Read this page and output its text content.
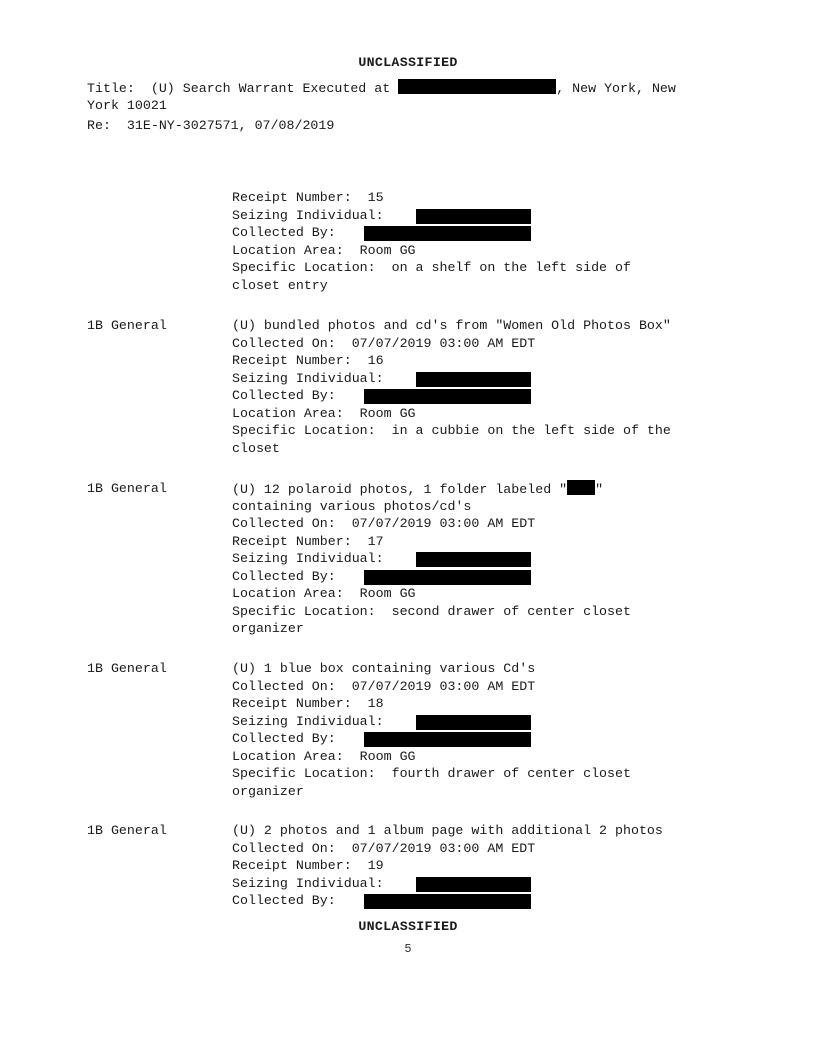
UNCLASSIFIED
Title:  (U) Search Warrant Executed at	, New York, New
York 10021
Re:  31E-NY-3027571, 07/08/2019
Receipt Number:  15
Seizing Individual:
Collected By:
Location Area:  Room GG
Specific Location:  on a shelf on the left side of
closet entry
1B General	(U) bundled photos and cd's from "Women Old Photos Box"
Collected On:  07/07/2019 03:00 AM EDT
Receipt Number:  16
Seizing Individual:
Collected By:
Location Area:  Room GG
Specific Location:  in a cubbie on the left side of the
closet
1B General	(U) 12 polaroid photos, 1 folder labeled " "
containing various photos/cd's
Collected On:  07/07/2019 03:00 AM EDT
Receipt Number:  17
Seizing Individual:
Collected By:
Location Area:  Room GG
Specific Location:  second drawer of center closet
organizer
1B General	(U) 1 blue box containing various Cd's
Collected On:  07/07/2019 03:00 AM EDT
Receipt Number:  18
Seizing Individual:
Collected By:
Location Area:  Room GG
Specific Location:  fourth drawer of center closet
organizer
1B General	(U) 2 photos and 1 album page with additional 2 photos
Collected On:  07/07/2019 03:00 AM EDT
Receipt Number:  19
Seizing Individual:
Collected By:
UNCLASSIFIED
5
